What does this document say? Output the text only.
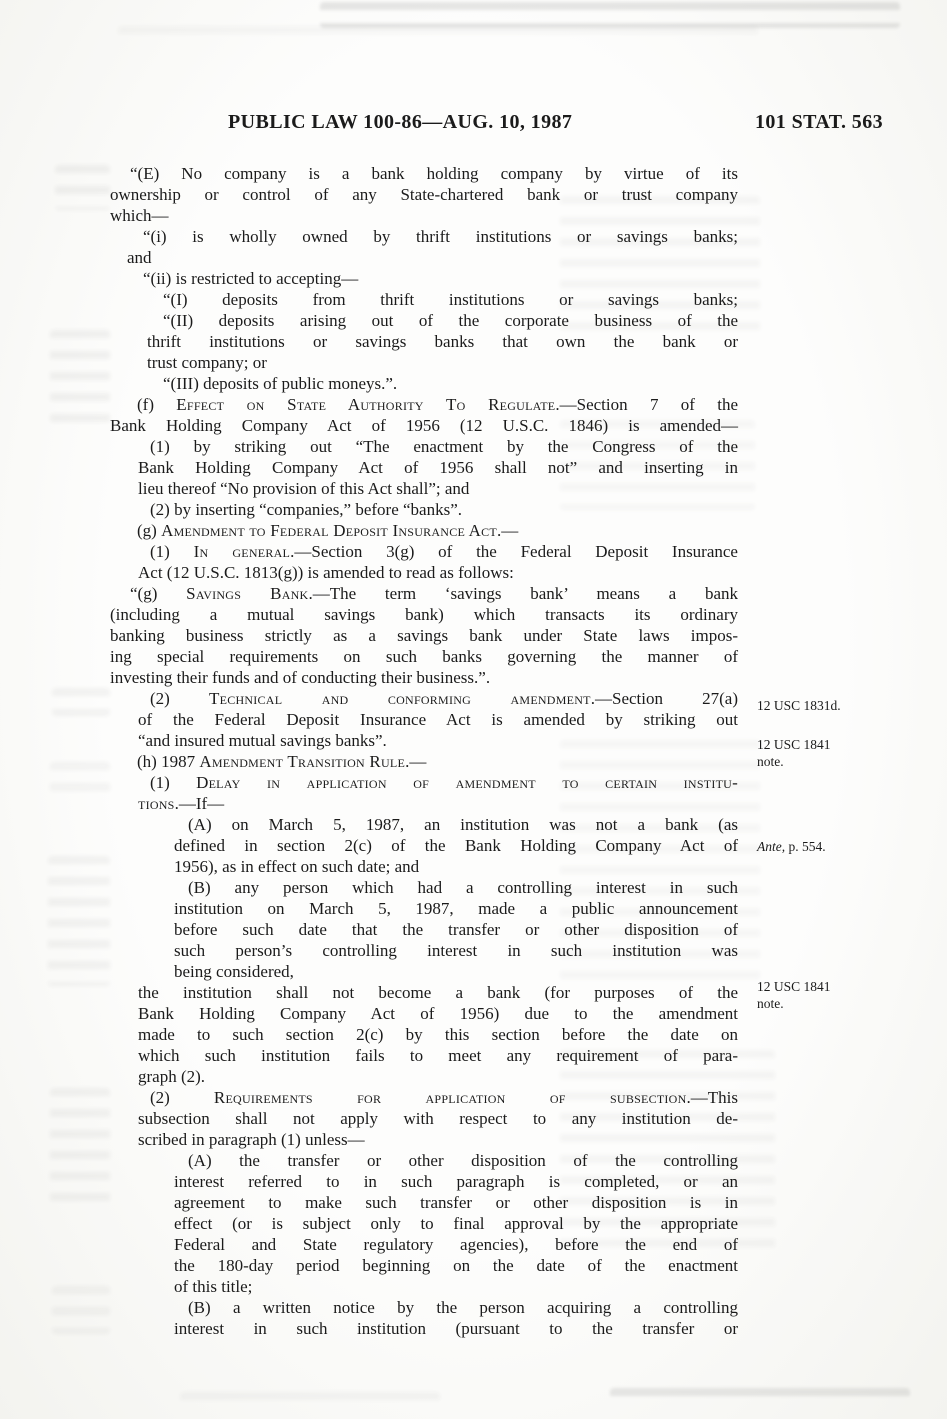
PUBLIC LAW 100-86—AUG. 10, 1987	101 STAT. 563
“(E) No company is a bank holding company by virtue of its
ownership or control of any State-chartered bank or trust company
which—
“(i) is wholly owned by thrift institutions or savings banks;
and
“(ii) is restricted to accepting—
“(I) deposits from thrift institutions or savings banks;
“(II) deposits arising out of the corporate business of the
thrift institutions or savings banks that own the bank or
trust company; or
“(III) deposits of public moneys.”.
(f) Effect on State Authority To Regulate.—Section 7 of the
Bank Holding Company Act of 1956 (12 U.S.C. 1846) is amended—
(1) by striking out “The enactment by the Congress of the
Bank Holding Company Act of 1956 shall not” and inserting in
lieu thereof “No provision of this Act shall”; and
(2) by inserting “companies,” before “banks”.
(g) Amendment to Federal Deposit Insurance Act.—
(1) In general.—Section 3(g) of the Federal Deposit Insurance
Act (12 U.S.C. 1813(g)) is amended to read as follows:
“(g) Savings Bank.—The term ‘savings bank’ means a bank
(including a mutual savings bank) which transacts its ordinary
banking business strictly as a savings bank under State laws impos-
ing special requirements on such banks governing the manner of
investing their funds and of conducting their business.”.
(2) Technical and conforming amendment.—Section 27(a)
of the Federal Deposit Insurance Act is amended by striking out
“and insured mutual savings banks”.
(h) 1987 Amendment Transition Rule.—
(1) Delay in application of amendment to certain institu-
tions.—If—
(A) on March 5, 1987, an institution was not a bank (as
defined in section 2(c) of the Bank Holding Company Act of
1956), as in effect on such date; and
(B) any person which had a controlling interest in such
institution on March 5, 1987, made a public announcement
before such date that the transfer or other disposition of
such person’s controlling interest in such institution was
being considered,
the institution shall not become a bank (for purposes of the
Bank Holding Company Act of 1956) due to the amendment
made to such section 2(c) by this section before the date on
which such institution fails to meet any requirement of para-
graph (2).
(2) Requirements for application of subsection.—This
subsection shall not apply with respect to any institution de-
scribed in paragraph (1) unless—
(A) the transfer or other disposition of the controlling
interest referred to in such paragraph is completed, or an
agreement to make such transfer or other disposition is in
effect (or is subject only to final approval by the appropriate
Federal and State regulatory agencies), before the end of
the 180-day period beginning on the date of the enactment
of this title;
(B) a written notice by the person acquiring a controlling
interest in such institution (pursuant to the transfer or
12 USC 1831d.
12 USC 1841
note.
Ante, p. 554.
12 USC 1841
note.
